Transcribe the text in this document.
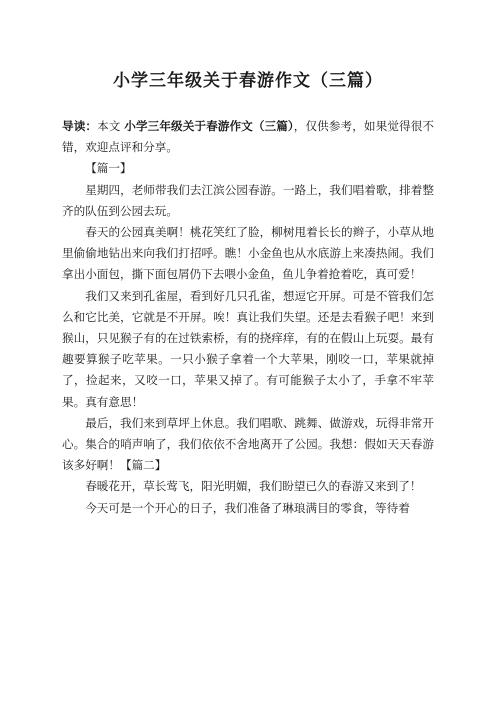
小学三年级关于春游作文（三篇）

导读：本文 小学三年级关于春游作文（三篇），仅供参考，如果觉得很不错，欢迎点评和分享。

【篇一】

星期四，老师带我们去江滨公园春游。一路上，我们唱着歌，排着整齐的队伍到公园去玩。

春天的公园真美啊！桃花笑红了脸，柳树甩着长长的辫子，小草从地里偷偷地钻出来向我们打招呼。瞧！小金鱼也从水底游上来凑热闹。我们拿出小面包，撕下面包屑仍下去喂小金鱼，鱼儿争着抢着吃，真可爱！

我们又来到孔雀屋，看到好几只孔雀，想逗它开屏。可是不管我们怎么和它比美，它就是不开屏。唉！真让我们失望。还是去看猴子吧！来到猴山，只见猴子有的在过铁索桥，有的挠痒痒，有的在假山上玩耍。最有趣要算猴子吃苹果。一只小猴子拿着一个大苹果，刚咬一口，苹果就掉了，捡起来，又咬一口，苹果又掉了。有可能猴子太小了，手拿不牢苹果。真有意思！

最后，我们来到草坪上休息。我们唱歌、跳舞、做游戏，玩得非常开心。集合的哨声响了，我们依依不舍地离开了公园。我想：假如天天春游该多好啊！【篇二】

春暖花开，草长莺飞，阳光明媚，我们盼望已久的春游又来到了！

今天可是一个开心的日子，我们准备了琳琅满目的零食，等待着
